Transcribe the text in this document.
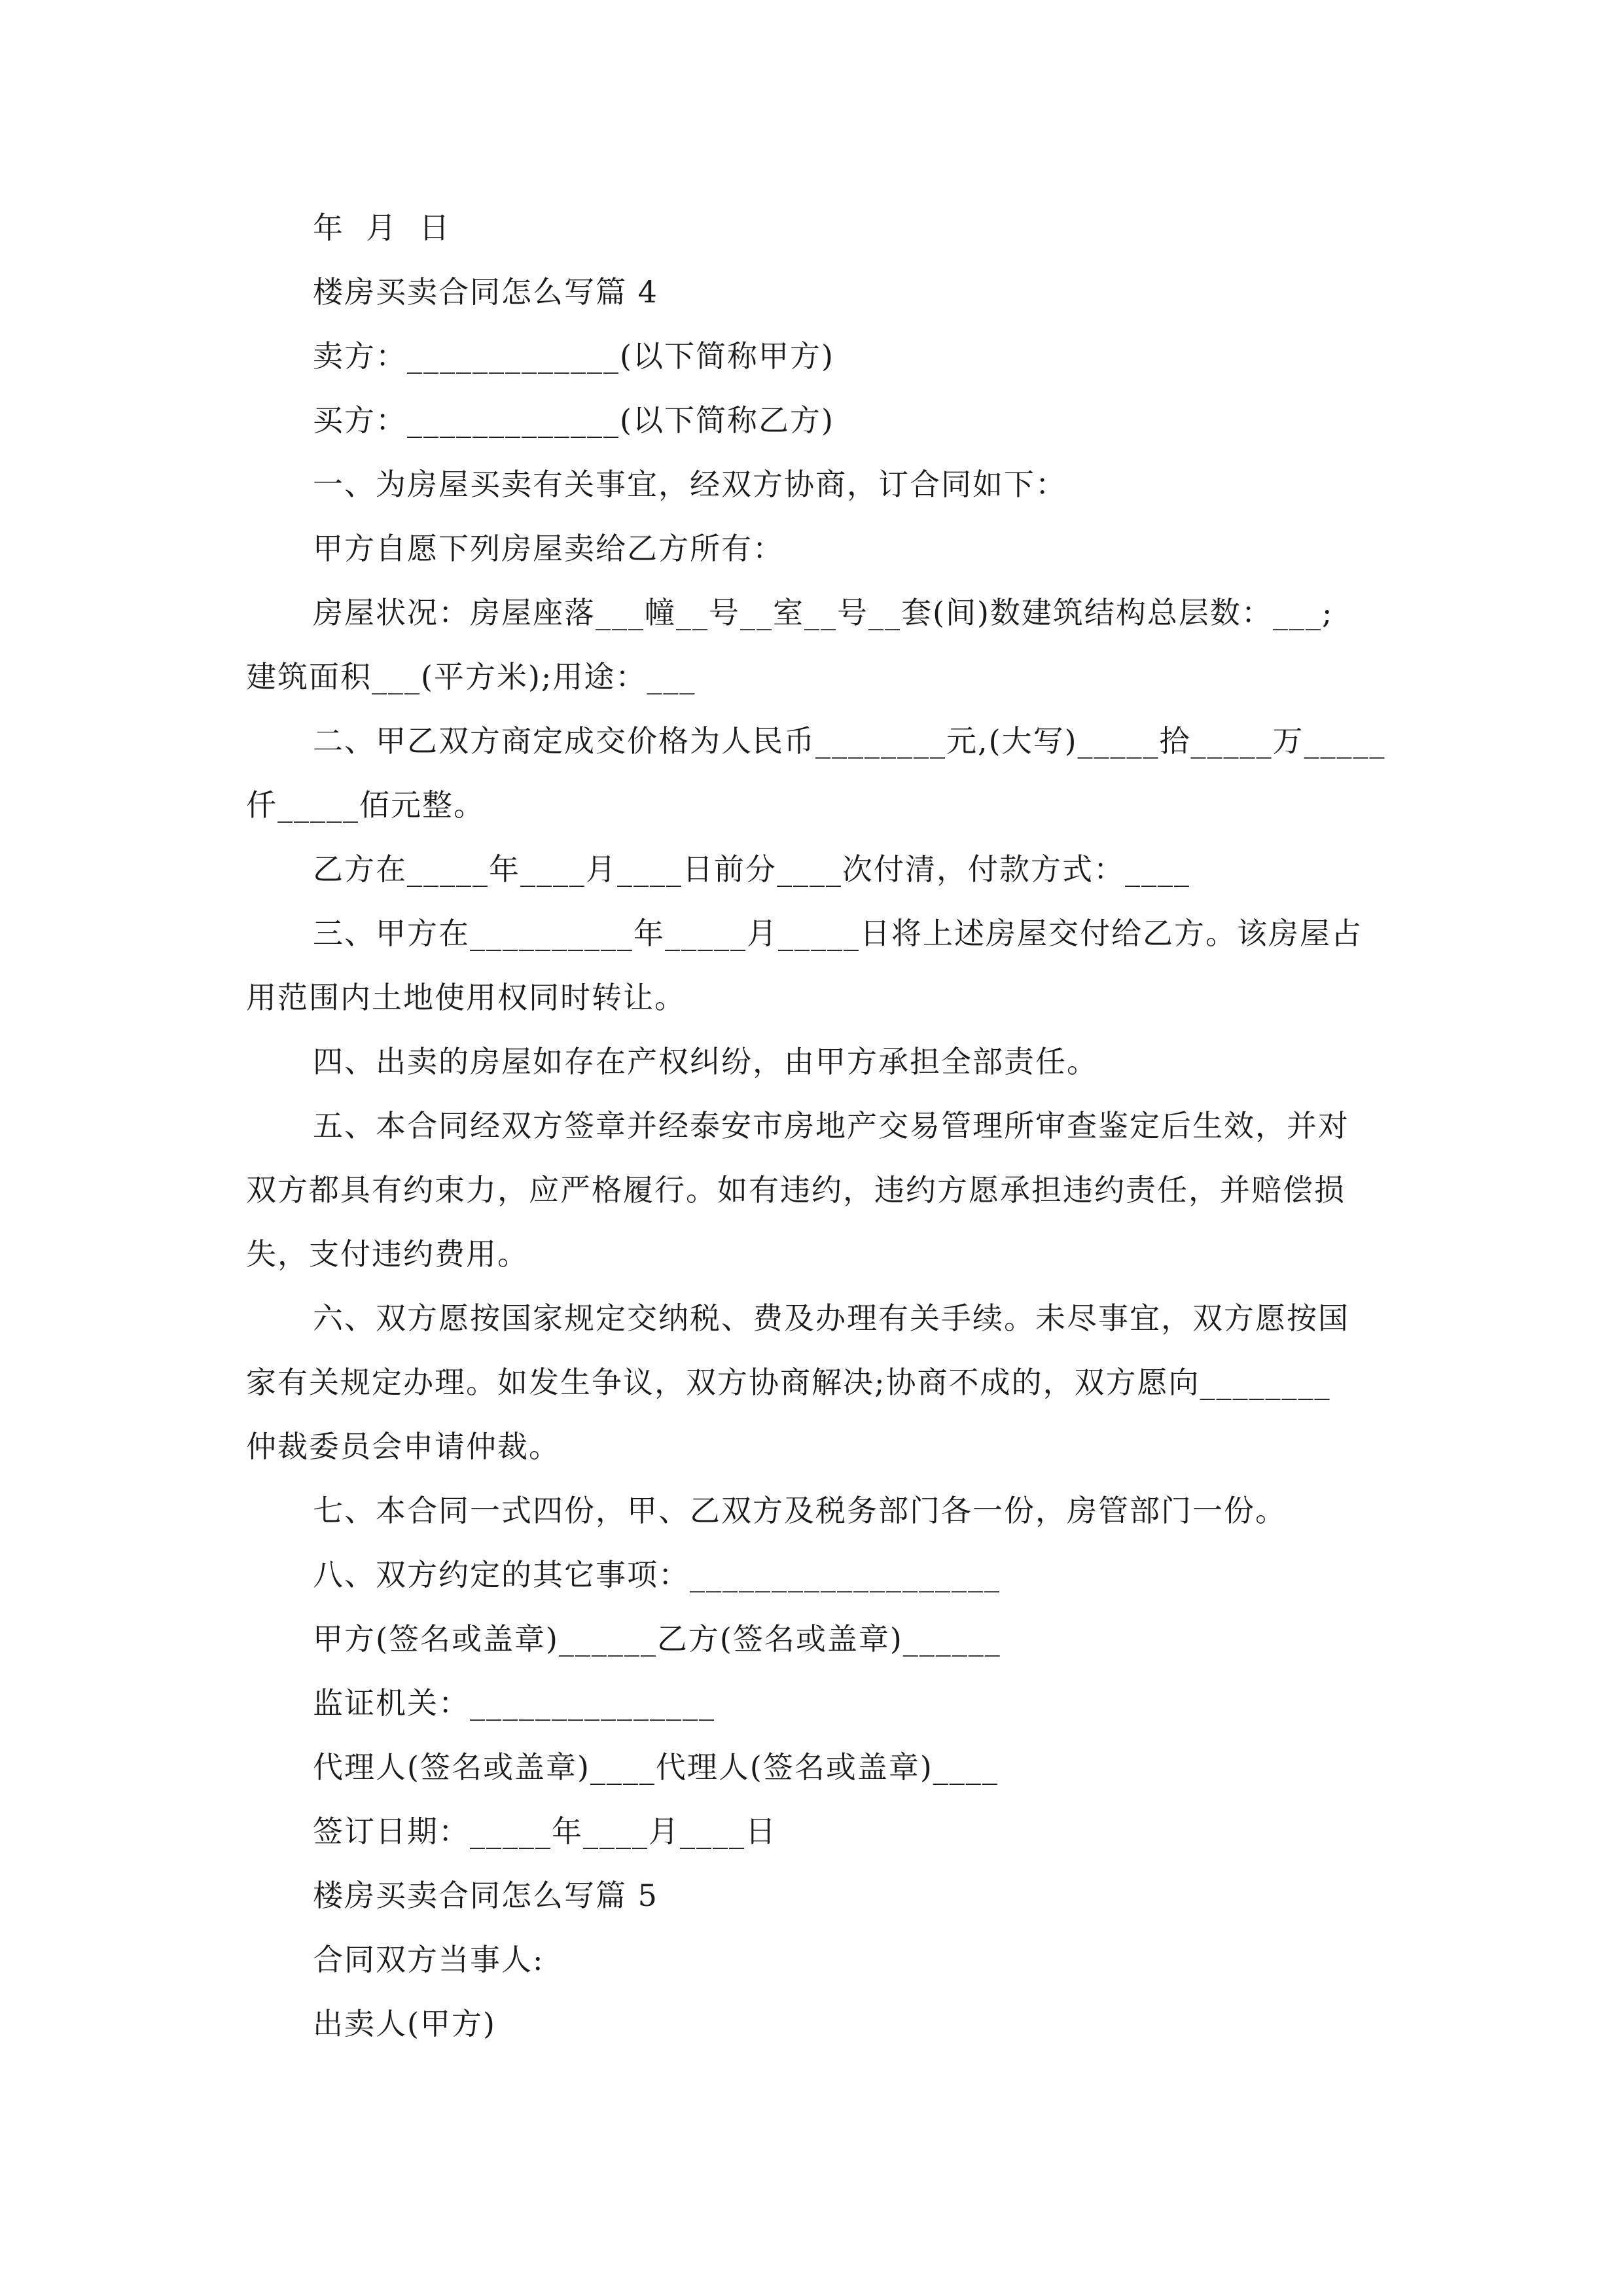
年  月  日
楼房买卖合同怎么写篇 4
卖方：_____________(以下简称甲方)
买方：_____________(以下简称乙方)
一、为房屋买卖有关事宜，经双方协商，订合同如下：
甲方自愿下列房屋卖给乙方所有：
房屋状况：房屋座落___幢__号__室__号__套(间)数建筑结构总层数：___;
建筑面积___(平方米);用途：___
二、甲乙双方商定成交价格为人民币________元,(大写)_____拾_____万_____
仟_____佰元整。
乙方在_____年____月____日前分____次付清，付款方式：____
三、甲方在__________年_____月_____日将上述房屋交付给乙方。该房屋占
用范围内土地使用权同时转让。
四、出卖的房屋如存在产权纠纷，由甲方承担全部责任。
五、本合同经双方签章并经泰安市房地产交易管理所审查鉴定后生效，并对
双方都具有约束力，应严格履行。如有违约，违约方愿承担违约责任，并赔偿损
失，支付违约费用。
六、双方愿按国家规定交纳税、费及办理有关手续。未尽事宜，双方愿按国
家有关规定办理。如发生争议，双方协商解决;协商不成的，双方愿向________
仲裁委员会申请仲裁。
七、本合同一式四份，甲、乙双方及税务部门各一份，房管部门一份。
八、双方约定的其它事项：___________________
甲方(签名或盖章)______乙方(签名或盖章)______
监证机关：_______________
代理人(签名或盖章)____代理人(签名或盖章)____
签订日期：_____年____月____日
楼房买卖合同怎么写篇 5
合同双方当事人:
出卖人(甲方)
